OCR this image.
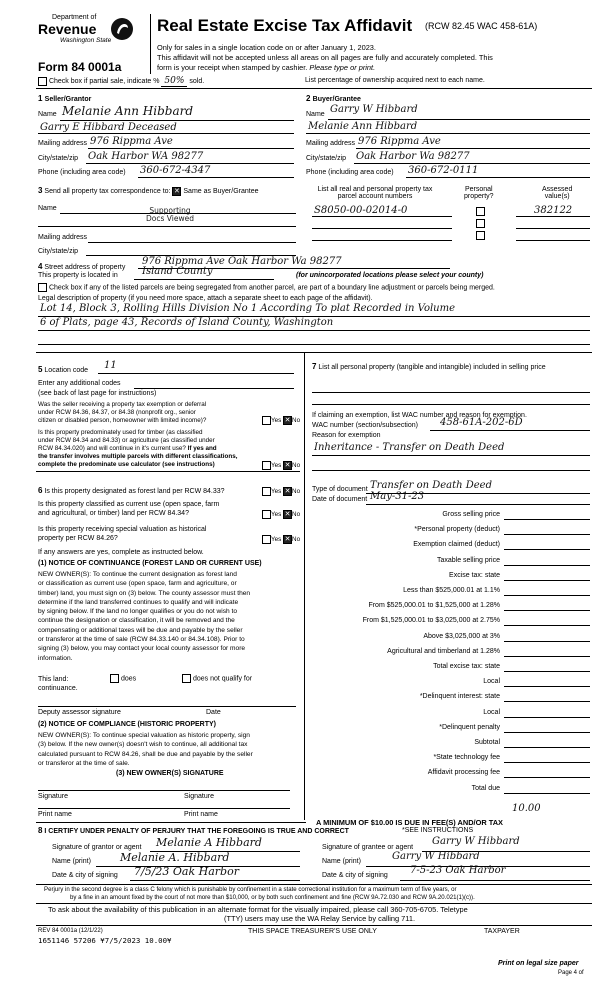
Department of
Revenue
Washington State
Form 84 0001a
Real Estate Excise Tax Affidavit (RCW 82.45 WAC 458-61A)
Only for sales in a single location code on or after January 1, 2023.
This affidavit will not be accepted unless all areas on all pages are fully and accurately completed. This
form is your receipt when stamped by cashier. Please type or print.
Check box if partial sale, indicate % 50% sold.	List percentage of ownership acquired next to each name.
1 Seller/Grantor
Name Melanie Ann Hibbard
Garry E Hibbard Deceased
Mailing address 976 Rippma Ave
City/state/zip Oak Harbor WA 98277
Phone (including area code) 360-672-4347
2 Buyer/Grantee
Name Garry W Hibbard
Melanie Ann Hibbard
Mailing address 976 Rippma Ave
City/state/zip Oak Harbor Wa 98277
Phone (including area code) 360-672-0111
3 Send all property tax correspondence to: ✕ Same as Buyer/Grantee
Name	Supporting Docs Viewed
Mailing address
City/state/zip
List all real and personal property tax
parcel account numbers
Personal
property?
Assessed
value(s)
S8050-00-02014-0	382122
4 Street address of property
976 Rippma Ave Oak Harbor Wa 98277
This property is located in Island County	(for unincorporated locations please select your county)
Check box if any of the listed parcels are being segregated from another parcel, are part of a boundary line adjustment or parcels being merged.
Legal description of property (if you need more space, attach a separate sheet to each page of the affidavit).
Lot 14, Block 3, Rolling Hills Division No 1 According To plat Recorded in Volume
6 of Plats, page 43, Records of Island County, Washington
5 Location code 11
Enter any additional codes
(see back of last page for instructions)
Was the seller receiving a property tax exemption or deferral
under RCW 84.36, 84.37, or 84.38 (nonprofit org., senior
citizen or disabled person, homeowner with limited income)?	Yes ✕ No
Is this property predominately used for timber (as classified
under RCW 84.34 and 84.33) or agriculture (as classified under
RCW 84.34.020) and will continue in it's current use? If yes and
the transfer involves multiple parcels with different classifications,
complete the predominate use calculator (see instructions)	Yes ✕ No
6 Is this property designated as forest land per RCW 84.33?	Yes ✕ No
Is this property classified as current use (open space, farm
and agricultural, or timber) land per RCW 84.34?	Yes ✕ No
Is this property receiving special valuation as historical
property per RCW 84.26?	Yes ✕ No
If any answers are yes, complete as instructed below.
(1) NOTICE OF CONTINUANCE (FOREST LAND OR CURRENT USE)
NEW OWNER(S): To continue the current designation as forest land
or classification as current use (open space, farm and agriculture, or
timber) land, you must sign on (3) below. The county assessor must then
determine if the land transferred continues to qualify and will indicate
by signing below. If the land no longer qualifies or you do not wish to
continue the designation or classification, it will be removed and the
compensating or additional taxes will be due and payable by the seller
or transferor at the time of sale (RCW 84.33.140 or 84.34.108). Prior to
signing (3) below, you may contact your local county assessor for more
information.
This land:	does	does not qualify for
continuance.
Deputy assessor signature	Date
(2) NOTICE OF COMPLIANCE (HISTORIC PROPERTY)
NEW OWNER(S): To continue special valuation as historic property, sign
(3) below. If the new owner(s) doesn't wish to continue, all additional tax
calculated pursuant to RCW 84.26, shall be due and payable by the seller
or transferor at the time of sale.
(3) NEW OWNER(S) SIGNATURE
Signature	Signature
Print name	Print name
7 List all personal property (tangible and intangible) included in selling price
If claiming an exemption, list WAC number and reason for exemption.
WAC number (section/subsection) 458-61A-202-6D
Reason for exemption
Inheritance - Transfer on Death Deed
Type of document Transfer on Death Deed
Date of document May-31-23
Gross selling price
*Personal property (deduct)
Exemption claimed (deduct)
Taxable selling price
Excise tax: state
Less than $525,000.01 at 1.1%
From $525,000.01 to $1,525,000 at 1.28%
From $1,525,000.01 to $3,025,000 at 2.75%
Above $3,025,000 at 3%
Agricultural and timberland at 1.28%
Total excise tax: state
Local
*Delinquent interest: state
Local
*Delinquent penalty
Subtotal
*State technology fee
Affidavit processing fee
Total due
10.00
A MINIMUM OF $10.00 IS DUE IN FEE(S) AND/OR TAX
*SEE INSTRUCTIONS
8 I CERTIFY UNDER PENALTY OF PERJURY THAT THE FOREGOING IS TRUE AND CORRECT
Signature of grantor or agent Melanie A Hibbard
Name (print)	Melanie A. Hibbard
Date & city of signing 7/5/23 Oak Harbor
Signature of grantee or agent
Garry W Hibbard
Name (print)	Garry W Hibbard
Date & city of signing 7-5-23 Oak Harbor
Perjury in the second degree is a class C felony which is punishable by confinement in a state correctional institution for a maximum term of five years, or
by a fine in an amount fixed by the court of not more than $10,000, or by both such confinement and fine (RCW 9A.72.030 and RCW 9A.20.021(1)(c)).
To ask about the availability of this publication in an alternate format for the visually impaired, please call 360-705-6705. Teletype
(TTY) users may use the WA Relay Service by calling 711.
REV 84 0001a (12/1/22)
1651146 57206 ¥7/5/2023 10.00¥
THIS SPACE TREASURER'S USE ONLY	TAXPAYER
Print on legal size paper
Page 4 of
